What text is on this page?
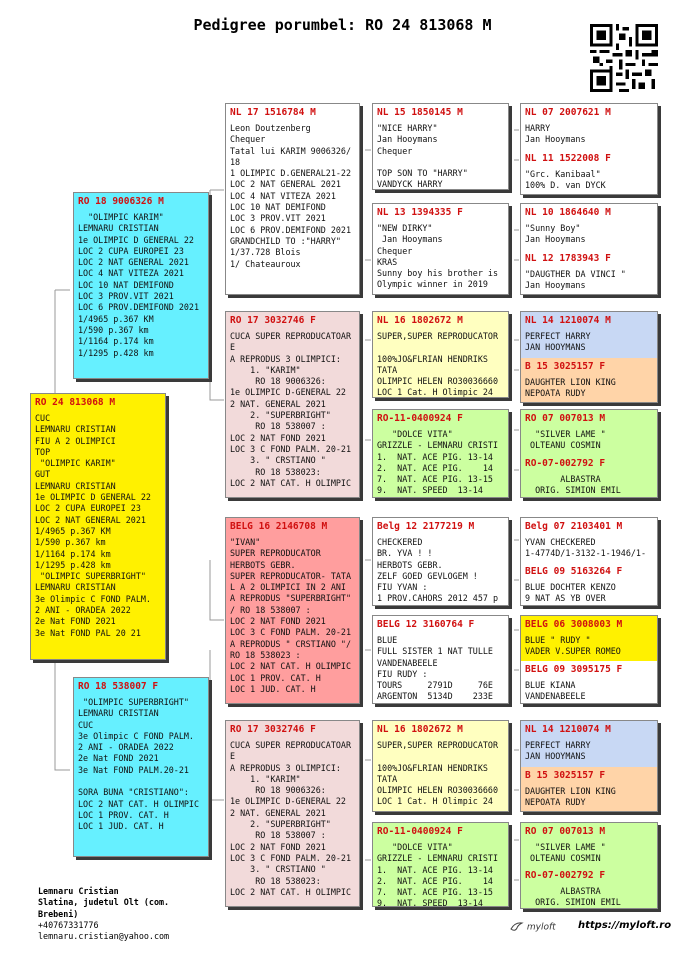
Pedigree porumbel: RO 24 813068 M
RO 24 813068 M
CUC
LEMNARU CRISTIAN
FIU A 2 OLIMPICI
TOP
"OLIMPIC KARIM"
GUT
LEMNARU CRISTIAN
1e OLIMPIC D GENERAL 22
LOC 2 CUPA EUROPEI 23
LOC 2 NAT GENERAL 2021
1/4965 p.367 KM
1/590 p.367 km
1/1164 p.174 km
1/1295 p.428 km
"OLIMPIC SUPERBRIGHT"
LEMNARU CRISTIAN
3e Olimpic C FOND PALM.
2 ANI - ORADEA 2022
2e Nat FOND 2021
3e Nat FOND PAL 20 21
RO 18 9006326 M
"OLIMPIC KARIM"
LEMNARU CRISTIAN
1e OLIMPIC D GENERAL 22
LOC 2 CUPA EUROPEI 23
LOC 2 NAT GENERAL 2021
LOC 4 NAT VITEZA 2021
LOC 10 NAT DEMIFOND
LOC 3 PROV.VIT 2021
LOC 6 PROV.DEMIFOND 2021
1/4965 p.367 KM
1/590 p.367 km
1/1164 p.174 km
1/1295 p.428 km
RO 18 538007 F
"OLIMPIC SUPERBRIGHT"
LEMNARU CRISTIAN
CUC
3e Olimpic C FOND PALM.
2 ANI - ORADEA 2022
2e Nat FOND 2021
3e Nat FOND PALM.20-21

SORA BUNA "CRISTIANO":
LOC 2 NAT CAT. H OLIMPIC
LOC 1 PROV. CAT. H
LOC 1 JUD. CAT. H
NL 17 1516784 M
Leon Doutzenberg
Chequer
Tatal lui KARIM 9006326/
18
1 OLIMPIC D.GENERAL21-22
LOC 2 NAT GENERAL 2021
LOC 4 NAT VITEZA 2021
LOC 10 NAT DEMIFOND
LOC 3 PROV.VIT 2021
LOC 6 PROV.DEMIFOND 2021
GRANDCHILD TO :"HARRY"
1/37.728 Blois
1/ Chateauroux
RO 17 3032746 F
CUCA SUPER REPRODUCATOAR
E
A REPRODUS 3 OLIMPICI:
1. "KARIM"
RO 18 9006326:
1e OLIMPIC D-GENERAL 22
2 NAT. GENERAL 2021
2. "SUPERBRIGHT"
RO 18 538007 :
LOC 2 NAT FOND 2021
LOC 3 C FOND PALM. 20-21
3. " CRSTIANO "
RO 18 538023:
LOC 2 NAT CAT. H OLIMPIC
BELG 16 2146708 M
"IVAN"
SUPER REPRODUCATOR
HERBOTS GEBR.
SUPER REPRODUCATOR- TATA
L A 2 OLIMPICI IN 2 ANI
A REPRODUS "SUPERBRIGHT"
/ RO 18 538007 :
LOC 2 NAT FOND 2021
LOC 3 C FOND PALM. 20-21
A REPRODUS " CRSTIANO "/
RO 18 538023 :
LOC 2 NAT CAT. H OLIMPIC
LOC 1 PROV. CAT. H
LOC 1 JUD. CAT. H
RO 17 3032746 F
CUCA SUPER REPRODUCATOAR
E
A REPRODUS 3 OLIMPICI:
1. "KARIM"
RO 18 9006326:
1e OLIMPIC D-GENERAL 22
2 NAT. GENERAL 2021
2. "SUPERBRIGHT"
RO 18 538007 :
LOC 2 NAT FOND 2021
LOC 3 C FOND PALM. 20-21
3. " CRSTIANO "
RO 18 538023:
LOC 2 NAT CAT. H OLIMPIC
NL 15 1850145 M
"NICE HARRY"
Jan Hooymans
Chequer

TOP SON TO "HARRY"
VANDYCK HARRY
NL 13 1394335 F
"NEW DIRKY"
Jan Hooymans
Chequer
KRAS
Sunny boy his brother is
Olympic winner in 2019
NL 16 1802672 M
SUPER,SUPER REPRODUCATOR

100%JO&FLRIAN HENDRIKS
TATA
OLIMPIC HELEN RO30036660
LOC 1 Cat. H Olimpic 24
RO-11-0400924 F
"DOLCE VITA"
GRIZZLE - LEMNARU CRISTI
1.  NAT. ACE PIG. 13-14
2.  NAT. ACE PIG.    14
7.  NAT. ACE PIG. 13-15
9.  NAT. SPEED  13-14
Belg 12 2177219 M
CHECKERED
BR. YVA ! !
HERBOTS GEBR.
ZELF GOED GEVLOGEM !
FIU YVAN :
1 PROV.CAHORS 2012 457 p
BELG 12 3160764 F
BLUE
FULL SISTER 1 NAT TULLE
VANDENABEELE
FIU RUDY :
TOURS     2791D     76E
ARGENTON  5134D    233E
NL 16 1802672 M
SUPER,SUPER REPRODUCATOR

100%JO&FLRIAN HENDRIKS
TATA
OLIMPIC HELEN RO30036660
LOC 1 Cat. H Olimpic 24
RO-11-0400924 F
"DOLCE VITA"
GRIZZLE - LEMNARU CRISTI
1.  NAT. ACE PIG. 13-14
2.  NAT. ACE PIG.    14
7.  NAT. ACE PIG. 13-15
9.  NAT. SPEED  13-14
NL 07 2007621 M
HARRY
Jan Hooymans
NL 11 1522008 F
"Grc. Kanibaal"
100% D. van DYCK
NL 10 1864640 M
"Sunny Boy"
Jan Hooymans
NL 12 1783943 F
"DAUGTHER DA VINCI "
Jan Hooymans
NL 14 1210074 M
PERFECT HARRY
JAN HOOYMANS
B 15 3025157 F
DAUGHTER LION KING
NEPOATA RUDY
RO 07 007013 M
"SILVER LAME "
OLTEANU COSMIN
RO-07-002792 F
ALBASTRA
ORIG. SIMION EMIL
Belg 07 2103401 M
YVAN CHECKERED
1-4774D/1-3132-1-1946/1-
BELG 09 5163264 F
BLUE DOCHTER KENZO
9 NAT AS YB OVER
BELG 06 3008003 M
BLUE " RUDY "
VADER V.SUPER ROMEO
BELG 09 3095175 F
BLUE KIANA
VANDENABEELE
NL 14 1210074 M
PERFECT HARRY
JAN HOOYMANS
B 15 3025157 F
DAUGHTER LION KING
NEPOATA RUDY
RO 07 007013 M
"SILVER LAME "
OLTEANU COSMIN
RO-07-002792 F
ALBASTRA
ORIG. SIMION EMIL
Lemnaru Cristian
Slatina, judetul Olt (com.
Brebeni)
+40767331776
lemnaru.cristian@yahoo.com
myloft https://myloft.ro
